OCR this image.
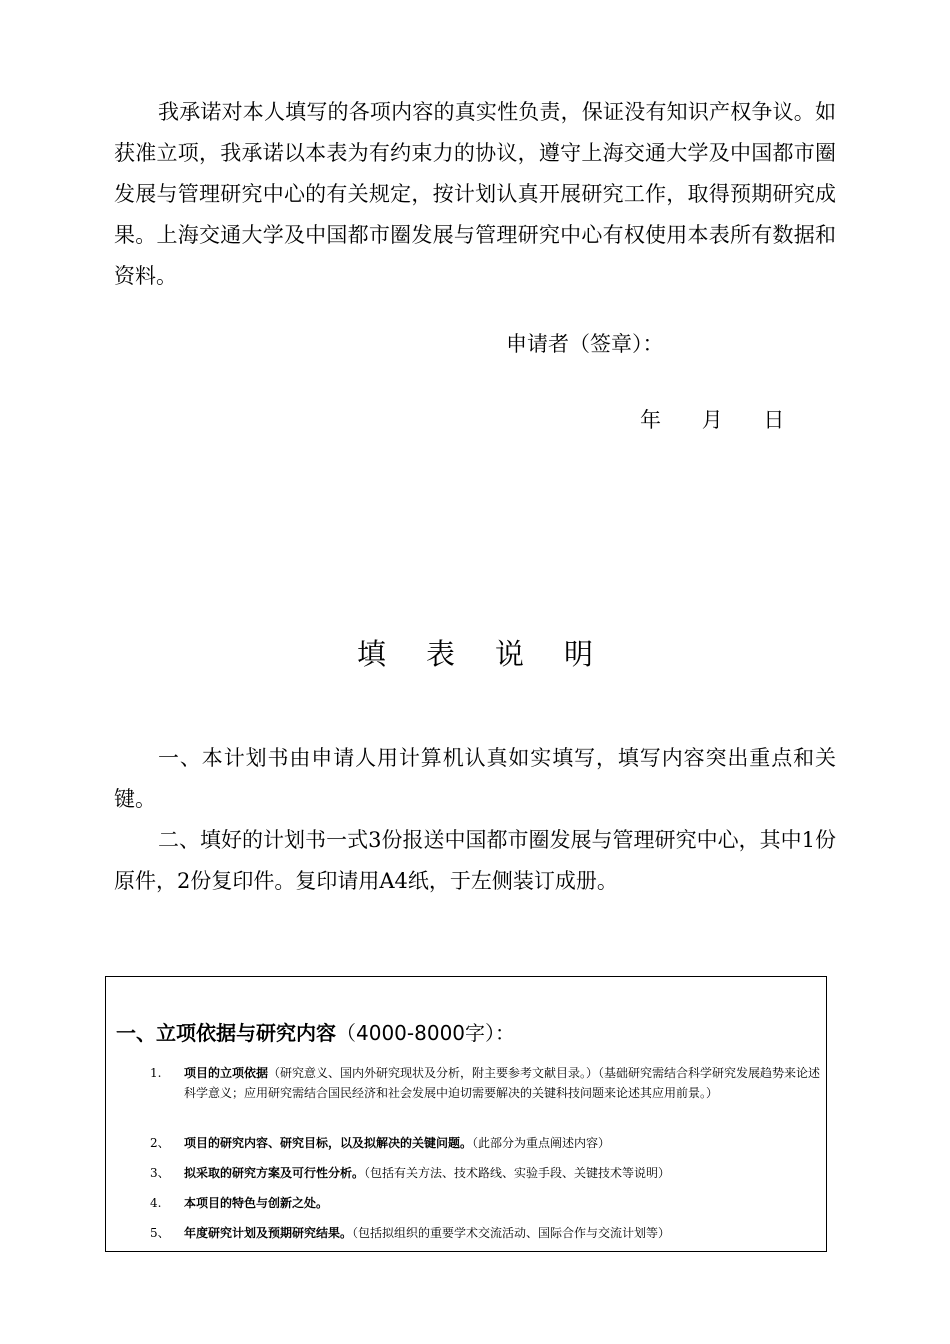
我承诺对本人填写的各项内容的真实性负责，保证没有知识产权争议。如获准立项，我承诺以本表为有约束力的协议，遵守上海交通大学及中国都市圈发展与管理研究中心的有关规定，按计划认真开展研究工作，取得预期研究成果。上海交通大学及中国都市圈发展与管理研究中心有权使用本表所有数据和资料。

申请者（签章）：
年 月 日
填表说明

一、本计划书由申请人用计算机认真如实填写，填写内容突出重点和关键。

二、填好的计划书一式3份报送中国都市圈发展与管理研究中心，其中1份原件，2份复印件。复印请用A4纸，于左侧装订成册。

一、立项依据与研究内容（4000-8000字）：
1. 项目的立项依据（研究意义、国内外研究现状及分析，附主要参考文献目录。）（基础研究需结合科学研究发展趋势来论述科学意义；应用研究需结合国民经济和社会发展中迫切需要解决的关键科技问题来论述其应用前景。）
2、 项目的研究内容、研究目标，以及拟解决的关键问题。（此部分为重点阐述内容）
3、 拟采取的研究方案及可行性分析。（包括有关方法、技术路线、实验手段、关键技术等说明）
4. 本项目的特色与创新之处。
5、 年度研究计划及预期研究结果。（包括拟组织的重要学术交流活动、国际合作与交流计划等）
